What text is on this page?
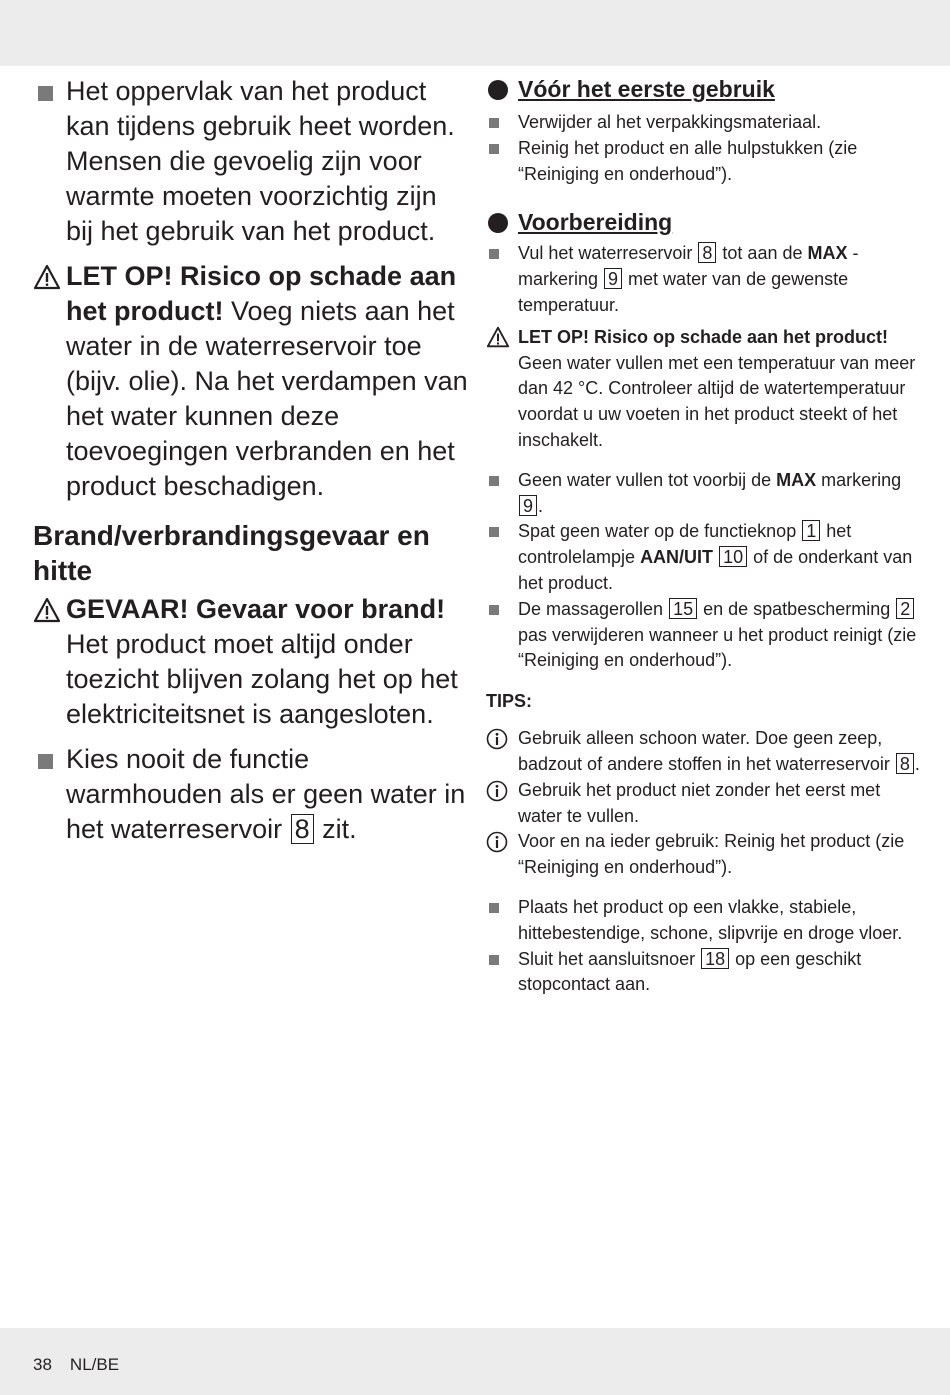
Het oppervlak van het product kan tijdens gebruik heet worden. Mensen die gevoelig zijn voor warmte moeten voorzichtig zijn bij het gebruik van het product.
LET OP! Risico op schade aan het product! Voeg niets aan het water in de waterreservoir toe (bijv. olie). Na het verdampen van het water kunnen deze toevoegingen verbranden en het product beschadigen.
Brand/verbrandingsgevaar en hitte
GEVAAR! Gevaar voor brand! Het product moet altijd onder toezicht blijven zolang het op het elektriciteitsnet is aangesloten.
Kies nooit de functie warmhouden als er geen water in het waterreservoir 8 zit.
Vóór het eerste gebruik
Verwijder al het verpakkingsmateriaal.
Reinig het product en alle hulpstukken (zie “Reiniging en onderhoud”).
Voorbereiding
Vul het waterreservoir 8 tot aan de MAX -markering 9 met water van de gewenste temperatuur.
LET OP! Risico op schade aan het product!
Geen water vullen met een temperatuur van meer dan 42 °C. Controleer altijd de watertemperatuur voordat u uw voeten in het product steekt of het inschakelt.
Geen water vullen tot voorbij de MAX markering 9 .
Spat geen water op de functieknop 1 het controlelampje AAN/UIT 10 of de onderkant van het product.
De massagerollen 15 en de spatbescherming 2 pas verwijderen wanneer u het product reinigt (zie “Reiniging en onderhoud”).
TIPS:
Gebruik alleen schoon water. Doe geen zeep, badzout of andere stoffen in het waterreservoir 8 .
Gebruik het product niet zonder het eerst met water te vullen.
Voor en na ieder gebruik: Reinig het product (zie “Reiniging en onderhoud”).
Plaats het product op een vlakke, stabiele, hittebestendige, schone, slipvrije en droge vloer.
Sluit het aansluitsnoer 18 op een geschikt stopcontact aan.
38 NL/BE
